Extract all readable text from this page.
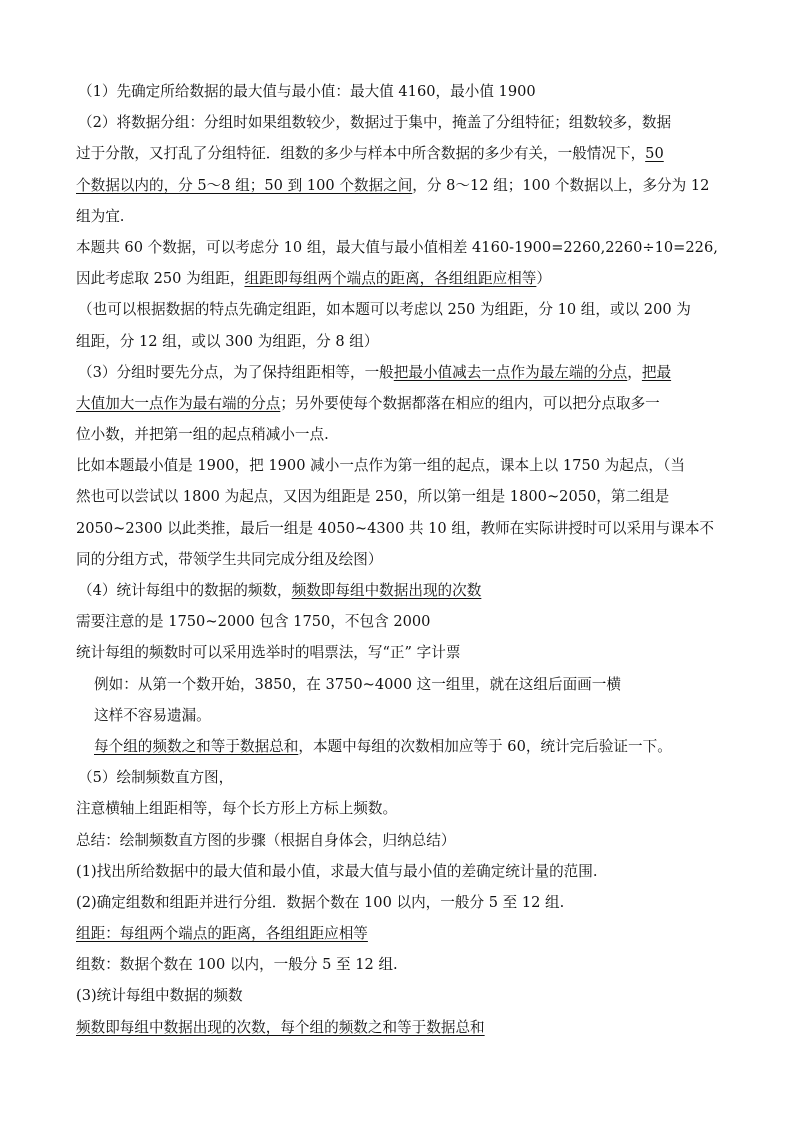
（1）先确定所给数据的最大值与最小值：最大值 4160，最小值 1900
（2）将数据分组：分组时如果组数较少，数据过于集中，掩盖了分组特征；组数较多，数据
过于分散，又打乱了分组特征．组数的多少与样本中所含数据的多少有关，一般情况下，50
个数据以内的，分 5～8 组；50 到 100 个数据之间，分 8～12 组；100 个数据以上，多分为 12
组为宜.
本题共 60 个数据，可以考虑分 10 组，最大值与最小值相差 4160-1900=2260,2260÷10=226,
因此考虑取 250 为组距，组距即每组两个端点的距离，各组组距应相等）
（也可以根据数据的特点先确定组距，如本题可以考虑以 250 为组距，分 10 组，或以 200 为
组距，分 12 组，或以 300 为组距，分 8 组）
（3）分组时要先分点，为了保持组距相等，一般把最小值减去一点作为最左端的分点，把最
大值加大一点作为最右端的分点；另外要使每个数据都落在相应的组内，可以把分点取多一
位小数，并把第一组的起点稍减小一点.
比如本题最小值是 1900，把 1900 减小一点作为第一组的起点，课本上以 1750 为起点，（当
然也可以尝试以 1800 为起点，又因为组距是 250，所以第一组是 1800~2050，第二组是
2050~2300 以此类推，最后一组是 4050~4300 共 10 组，教师在实际讲授时可以采用与课本不
同的分组方式，带领学生共同完成分组及绘图）
（4）统计每组中的数据的频数，频数即每组中数据出现的次数
需要注意的是 1750~2000 包含 1750，不包含 2000
统计每组的频数时可以采用选举时的唱票法，写“正” 字计票
例如：从第一个数开始，3850，在 3750~4000 这一组里，就在这组后面画一横
这样不容易遗漏。
每个组的频数之和等于数据总和，本题中每组的次数相加应等于 60，统计完后验证一下。
（5）绘制频数直方图，
注意横轴上组距相等，每个长方形上方标上频数。
总结：绘制频数直方图的步骤（根据自身体会，归纳总结）
(1)找出所给数据中的最大值和最小值，求最大值与最小值的差确定统计量的范围.
(2)确定组数和组距并进行分组．数据个数在 100 以内，一般分 5 至 12 组.
组距：每组两个端点的距离，各组组距应相等
组数：数据个数在 100 以内，一般分 5 至 12 组.
(3)统计每组中数据的频数
频数即每组中数据出现的次数，每个组的频数之和等于数据总和
